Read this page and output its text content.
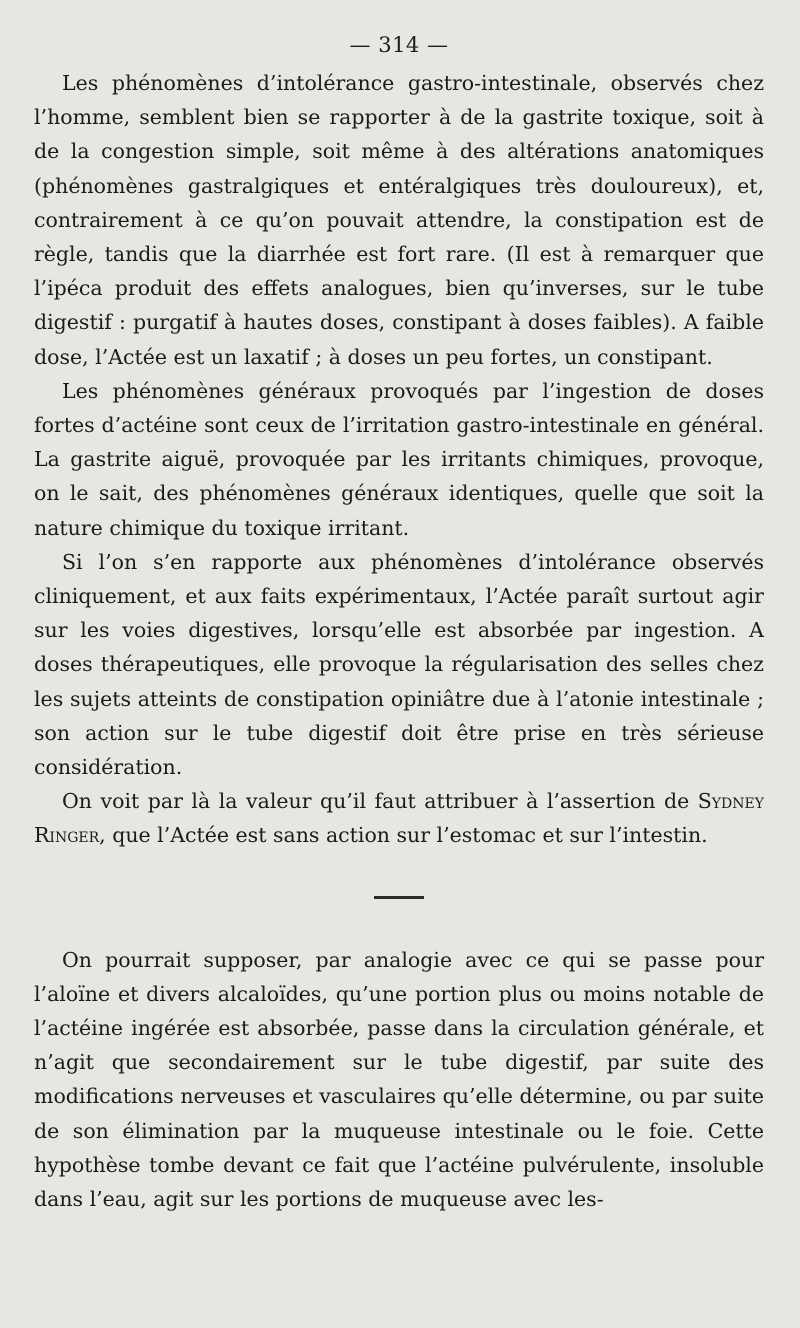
— 314 —

Les phénomènes d’intolérance gastro-intestinale, observés chez l’homme, semblent bien se rapporter à de la gastrite toxique, soit à de la congestion simple, soit même à des altérations anatomiques (phénomènes gastralgiques et entéralgiques très douloureux), et, contrairement à ce qu’on pouvait attendre, la constipation est de règle, tandis que la diarrhée est fort rare. (Il est à remarquer que l’ipéca produit des effets analogues, bien qu’inverses, sur le tube digestif : purgatif à hautes doses, constipant à doses faibles). A faible dose, l’Actée est un laxatif ; à doses un peu fortes, un constipant.

Les phénomènes généraux provoqués par l’ingestion de doses fortes d’actéine sont ceux de l’irritation gastro-intestinale en général. La gastrite aiguë, provoquée par les irritants chimiques, provoque, on le sait, des phénomènes généraux identiques, quelle que soit la nature chimique du toxique irritant.

Si l’on s’en rapporte aux phénomènes d’intolérance observés cliniquement, et aux faits expérimentaux, l’Actée paraît surtout agir sur les voies digestives, lorsqu’elle est absorbée par ingestion. A doses thérapeutiques, elle provoque la régularisation des selles chez les sujets atteints de constipation opiniâtre due à l’atonie intestinale ; son action sur le tube digestif doit être prise en très sérieuse considération.

On voit par là la valeur qu’il faut attribuer à l’assertion de Sydney Ringer, que l’Actée est sans action sur l’estomac et sur l’intestin.

On pourrait supposer, par analogie avec ce qui se passe pour l’aloïne et divers alcaloïdes, qu’une portion plus ou moins notable de l’actéine ingérée est absorbée, passe dans la circulation générale, et n’agit que secondairement sur le tube digestif, par suite des modifications nerveuses et vasculaires qu’elle détermine, ou par suite de son élimination par la muqueuse intestinale ou le foie. Cette hypothèse tombe devant ce fait que l’actéine pulvérulente, insoluble dans l’eau, agit sur les portions de muqueuse avec les-
